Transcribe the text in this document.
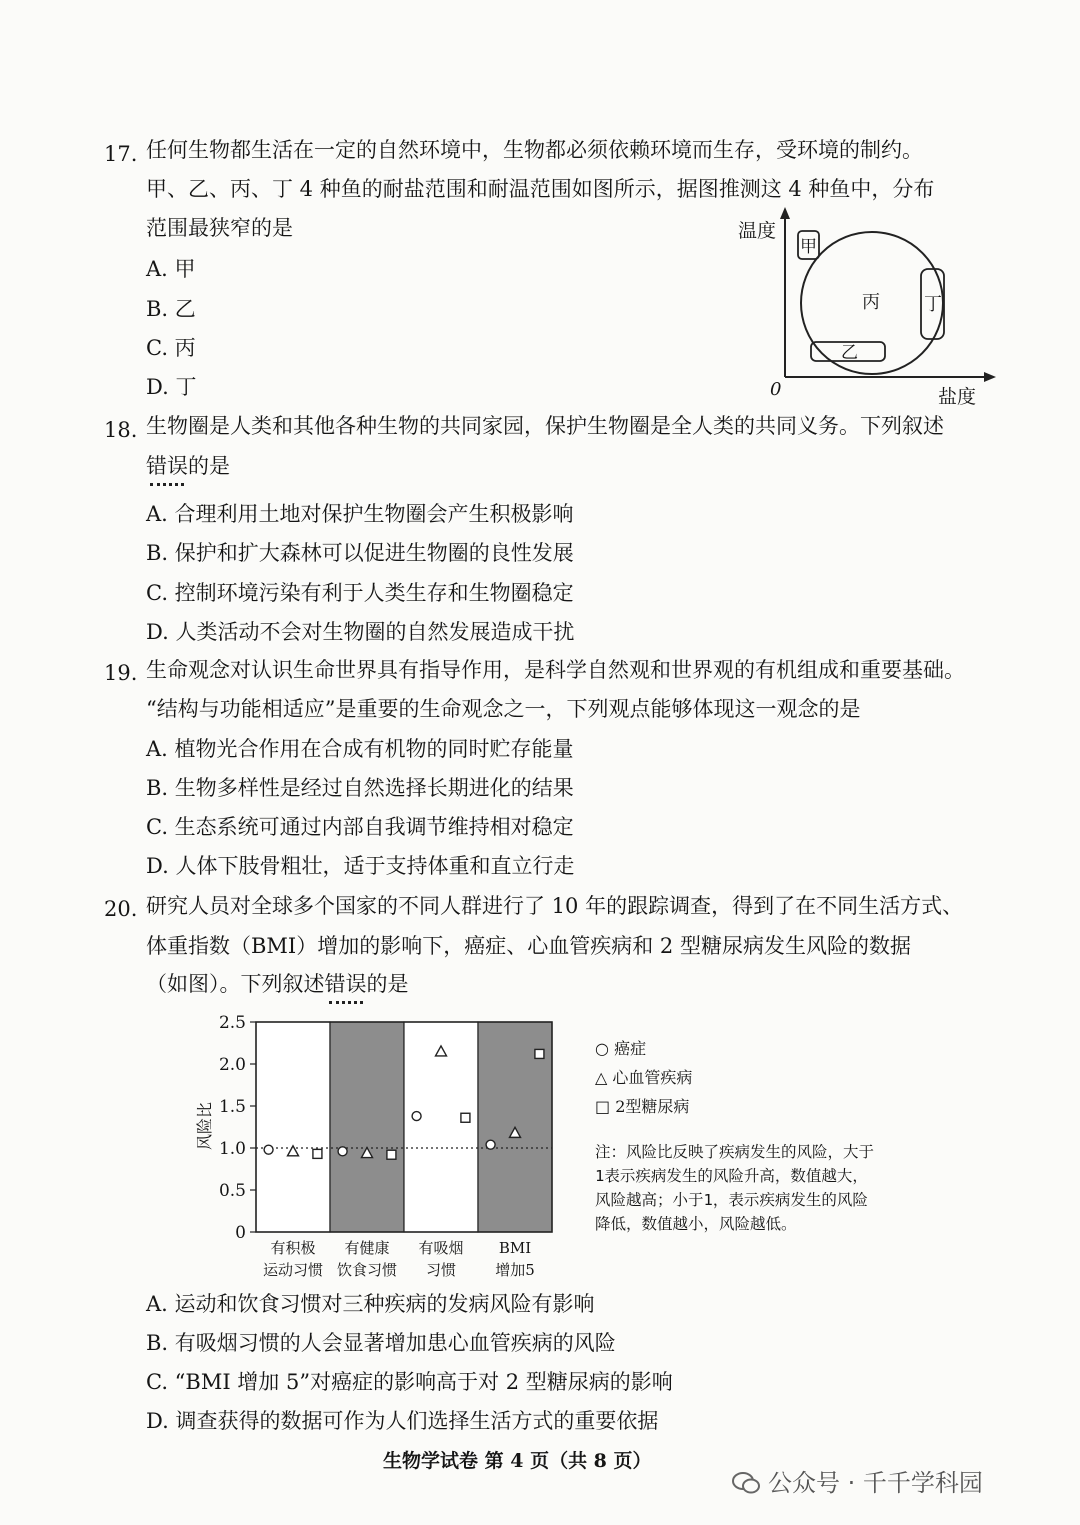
17. 任何生物都生活在一定的自然环境中，生物都必须依赖环境而生存，受环境的制约。
甲、乙、丙、丁 4 种鱼的耐盐范围和耐温范围如图所示，据图推测这 4 种鱼中，分布
范围最狭窄的是
A. 甲
B. 乙
C. 丙
D. 丁
温度
盐度
0
甲
丙 丁
乙
18. 生物圈是人类和其他各种生物的共同家园，保护生物圈是全人类的共同义务。下列叙述
错误的是
A. 合理利用土地对保护生物圈会产生积极影响
B. 保护和扩大森林可以促进生物圈的良性发展
C. 控制环境污染有利于人类生存和生物圈稳定
D. 人类活动不会对生物圈的自然发展造成干扰
19. 生命观念对认识生命世界具有指导作用，是科学自然观和世界观的有机组成和重要基础。
“结构与功能相适应”是重要的生命观念之一，下列观点能够体现这一观念的是
A. 植物光合作用在合成有机物的同时贮存能量
B. 生物多样性是经过自然选择长期进化的结果
C. 生态系统可通过内部自我调节维持相对稳定
D. 人体下肢骨粗壮，适于支持体重和直立行走
20. 研究人员对全球多个国家的不同人群进行了 10 年的跟踪调查，得到了在不同生活方式、
体重指数（BMI）增加的影响下，癌症、心血管疾病和 2 型糖尿病发生风险的数据
（如图）。下列叙述错误的是
0
0.5
1.0
1.5
2.0
2.5
风险比
有积极
运动习惯
有健康
饮食习惯
有吸烟
习惯
BMI
增加5
○ 癌症
△ 心血管疾病
□ 2型糖尿病
注：风险比反映了疾病发生的风险，大于1表示疾病发生的风险升高，数值越大，风险越高；小于1，表示疾病发生的风险降低，数值越小，风险越低。
A. 运动和饮食习惯对三种疾病的发病风险有影响
B. 有吸烟习惯的人会显著增加患心血管疾病的风险
C. “BMI 增加 5”对癌症的影响高于对 2 型糖尿病的影响
D. 调查获得的数据可作为人们选择生活方式的重要依据
生物学试卷 第 4 页（共 8 页）
公众号 · 千千学科园
